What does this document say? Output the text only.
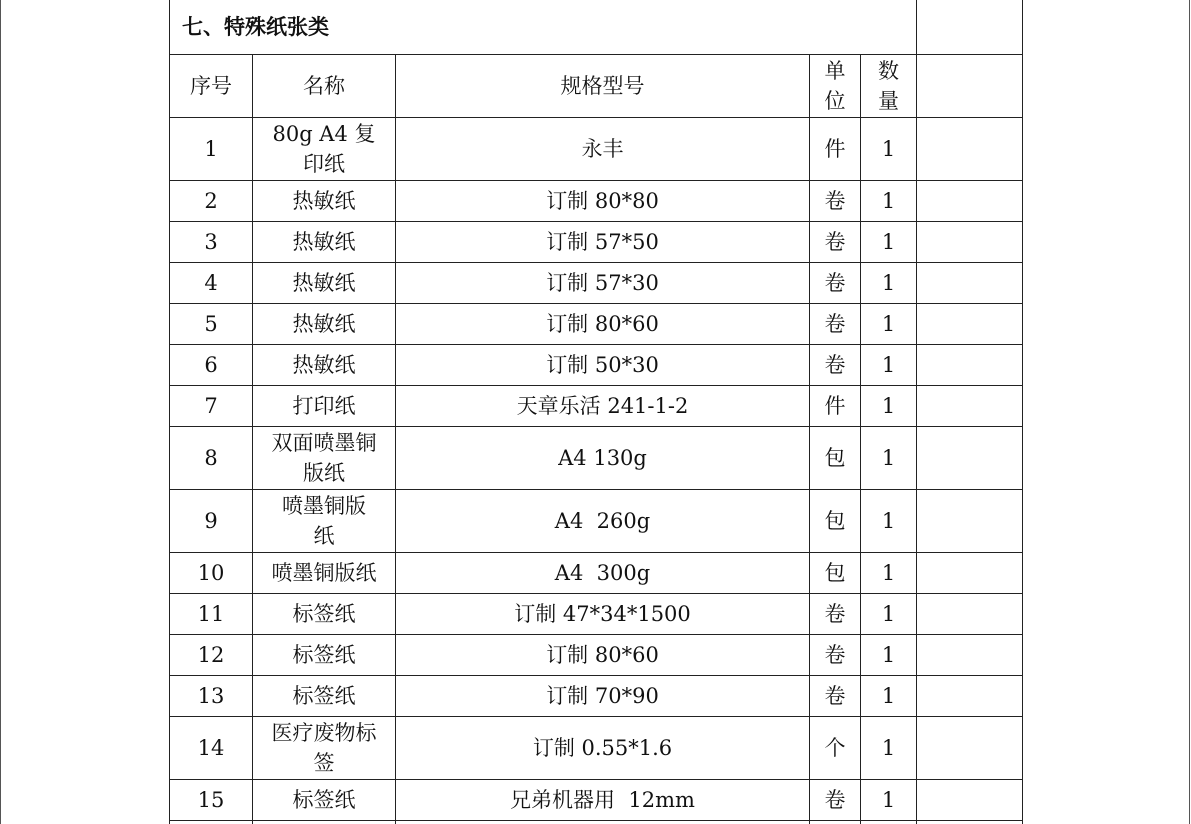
七、特殊纸张类					
序号	名称	规格型号	单位	数量	
1	80g A4 复印纸	永丰	件	1	
2	热敏纸	订制 80*80	卷	1	
3	热敏纸	订制 57*50	卷	1	
4	热敏纸	订制 57*30	卷	1	
5	热敏纸	订制 80*60	卷	1	
6	热敏纸	订制 50*30	卷	1	
7	打印纸	天章乐活 241-1-2	件	1	
8	双面喷墨铜版纸	A4 130g	包	1	
9	喷墨铜版纸	A4  260g	包	1	
10	喷墨铜版纸	A4  300g	包	1	
11	标签纸	订制 47*34*1500	卷	1	
12	标签纸	订制 80*60	卷	1	
13	标签纸	订制 70*90	卷	1	
14	医疗废物标签	订制 0.55*1.6	个	1	
15	标签纸	兄弟机器用  12mm	卷	1	
